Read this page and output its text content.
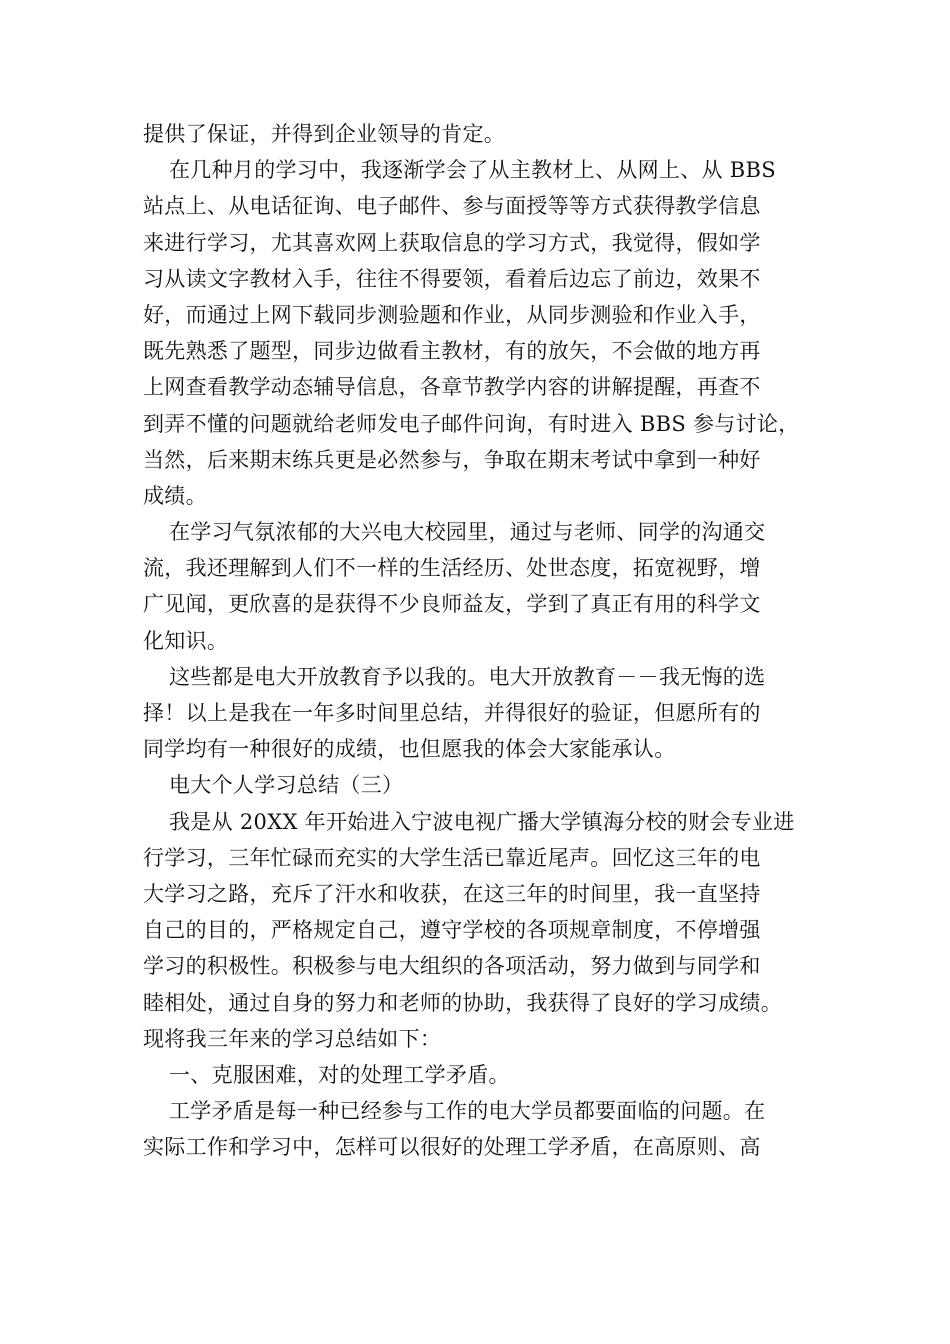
提供了保证，并得到企业领导的肯定。
在几种月的学习中，我逐渐学会了从主教材上、从网上、从 BBS
站点上、从电话征询、电子邮件、参与面授等等方式获得教学信息
来进行学习，尤其喜欢网上获取信息的学习方式，我觉得，假如学
习从读文字教材入手，往往不得要领，看着后边忘了前边，效果不
好，而通过上网下载同步测验题和作业，从同步测验和作业入手，
既先熟悉了题型，同步边做看主教材，有的放矢，不会做的地方再
上网查看教学动态辅导信息，各章节教学内容的讲解提醒，再查不
到弄不懂的问题就给老师发电子邮件问询，有时进入 BBS 参与讨论，
当然，后来期末练兵更是必然参与，争取在期末考试中拿到一种好
成绩。
在学习气氛浓郁的大兴电大校园里，通过与老师、同学的沟通交
流，我还理解到人们不一样的生活经历、处世态度，拓宽视野，增
广见闻，更欣喜的是获得不少良师益友，学到了真正有用的科学文
化知识。
这些都是电大开放教育予以我的。电大开放教育－－我无悔的选
择！以上是我在一年多时间里总结，并得很好的验证，但愿所有的
同学均有一种很好的成绩，也但愿我的体会大家能承认。
电大个人学习总结（三）
我是从 20XX 年开始进入宁波电视广播大学镇海分校的财会专业进
行学习，三年忙碌而充实的大学生活已靠近尾声。回忆这三年的电
大学习之路，充斥了汗水和收获，在这三年的时间里，我一直坚持
自己的目的，严格规定自己，遵守学校的各项规章制度，不停增强
学习的积极性。积极参与电大组织的各项活动，努力做到与同学和
睦相处，通过自身的努力和老师的协助，我获得了良好的学习成绩。
现将我三年来的学习总结如下：
一、克服困难，对的处理工学矛盾。
工学矛盾是每一种已经参与工作的电大学员都要面临的问题。在
实际工作和学习中，怎样可以很好的处理工学矛盾，在高原则、高
